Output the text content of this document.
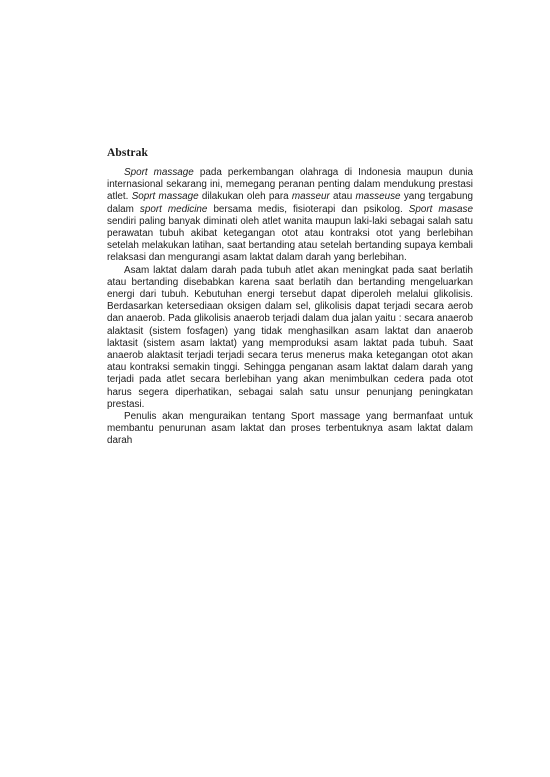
Abstrak

Sport massage pada perkembangan olahraga di Indonesia maupun dunia internasional sekarang ini, memegang peranan penting dalam mendukung prestasi atlet. Soprt massage dilakukan oleh para masseur atau masseuse yang tergabung dalam sport medicine bersama medis, fisioterapi dan psikolog. Sport masase sendiri paling banyak diminati oleh atlet wanita maupun laki-laki sebagai salah satu perawatan tubuh akibat ketegangan otot atau kontraksi otot yang berlebihan setelah melakukan latihan, saat bertanding atau setelah bertanding supaya kembali relaksasi dan mengurangi asam laktat dalam darah yang berlebihan.

Asam laktat dalam darah pada tubuh atlet akan meningkat pada saat berlatih atau bertanding disebabkan karena saat berlatih dan bertanding mengeluarkan energi dari tubuh. Kebutuhan energi tersebut dapat diperoleh melalui glikolisis. Berdasarkan ketersediaan oksigen dalam sel, glikolisis dapat terjadi secara aerob dan anaerob. Pada glikolisis anaerob terjadi dalam dua jalan yaitu : secara anaerob alaktasit (sistem fosfagen) yang tidak menghasilkan asam laktat dan anaerob laktasit (sistem asam laktat) yang memproduksi asam laktat pada tubuh. Saat anaerob alaktasit terjadi terjadi secara terus menerus maka ketegangan otot akan atau kontraksi semakin tinggi. Sehingga penganan asam laktat dalam darah yang terjadi pada atlet secara berlebihan yang akan menimbulkan cedera pada otot harus segera diperhatikan, sebagai salah satu unsur penunjang peningkatan prestasi.

Penulis akan menguraikan tentang Sport massage yang bermanfaat untuk membantu penurunan asam laktat dan proses terbentuknya asam laktat dalam darah
